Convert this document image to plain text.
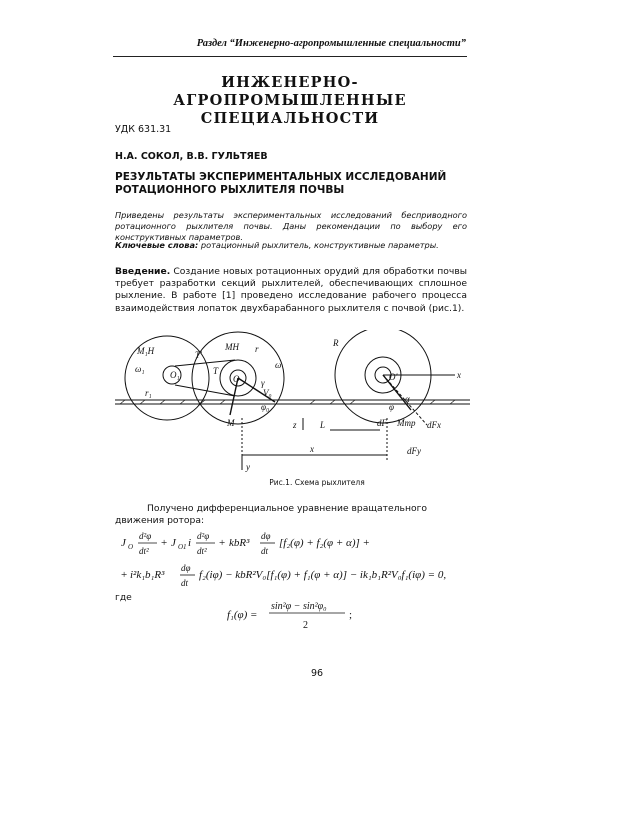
Раздел “Инженерно-агропромышленные специальности”
ИНЖЕНЕРНО-АГРОПРОМЫШЛЕННЫЕ
СПЕЦИАЛЬНОСТИ
УДК 631.31
Н.А. СОКОЛ, В.В. ГУЛЬТЯЕВ
РЕЗУЛЬТАТЫ ЭКСПЕРИМЕНТАЛЬНЫХ ИССЛЕДОВАНИЙ РОТАЦИОННОГО РЫХЛИТЕЛЯ ПОЧВЫ
Приведены результаты экспериментальных исследований бесприводного ротационного рыхлителя почвы. Даны рекомендации по выбору его конструктивных параметров.
Ключевые слова: ротационный рыхлитель, конструктивные параметры.
Введение. Создание новых ротационных орудий для обработки почвы требует разработки секций рыхлителей, обеспечивающих сплошное рыхление. В работе [1] проведено исследование рабочего процесса взаимодействия лопаток двухбарабанного рыхлителя с почвой (рис.1).
M₁H
ω₁
O₁
r₁
T′
T
MH r
O
ω
γ
V₀
φ₀
M	z	L
x
y
R
O′	x
φ
α
Mтр
dF	dFx
dFy
Рис.1. Схема рыхлителя
Получено дифференциальное уравнение вращательного движения ротора:
J O
d²φ
dt²
+ J O1 i
d²φ
dt²
+ kbR³
dφ
dt
[f₂(φ) + f₂(φ + α)] +
+ i²k₁b₁R³
dφ
dt
f₂(iφ) − kbR²V₀[f₁(φ) + f₁(φ + α)] − ik₁b₁R²V₀f₁(iφ) = 0,
где
f₁(φ) =
sin²φ − sin²φ₀
2
;
96
